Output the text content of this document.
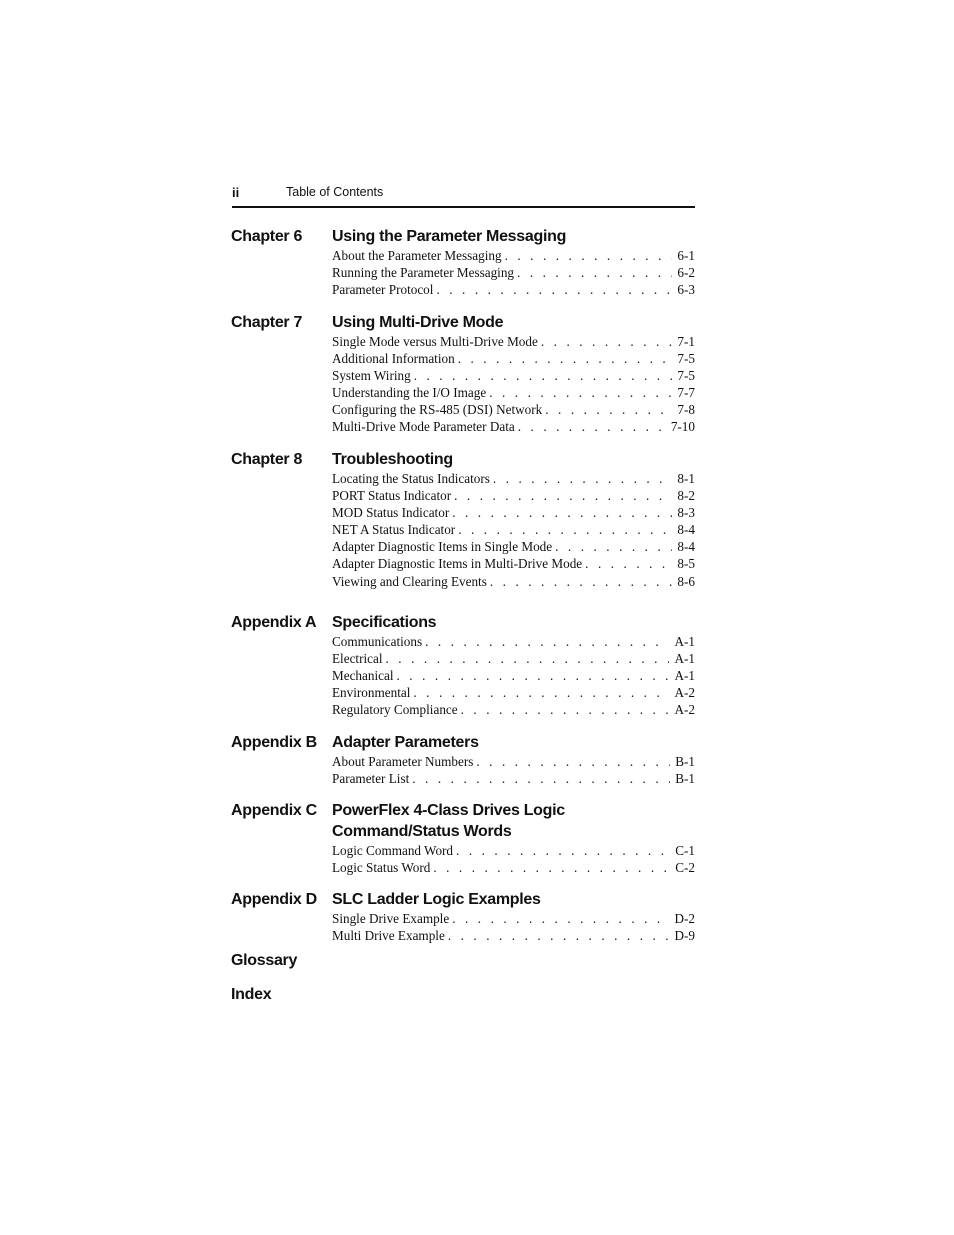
ii	Table of Contents
Chapter 6 Using the Parameter Messaging
About the Parameter Messaging . . .	6-1
Running the Parameter Messaging . . .	6-2
Parameter Protocol . . .	6-3
Chapter 7 Using Multi-Drive Mode
Single Mode versus Multi-Drive Mode . . .	7-1
Additional Information . . .	7-5
System Wiring . . .	7-5
Understanding the I/O Image . . .	7-7
Configuring the RS-485 (DSI) Network . . .	7-8
Multi-Drive Mode Parameter Data . . .	7-10
Chapter 8 Troubleshooting
Locating the Status Indicators . . .	8-1
PORT Status Indicator . . .	8-2
MOD Status Indicator . . .	8-3
NET A Status Indicator . . .	8-4
Adapter Diagnostic Items in Single Mode . . .	8-4
Adapter Diagnostic Items in Multi-Drive Mode . . .	8-5
Viewing and Clearing Events . . .	8-6
Appendix A Specifications
Communications . . .	A-1
Electrical . . .	A-1
Mechanical . . .	A-1
Environmental . . .	A-2
Regulatory Compliance . . .	A-2
Appendix B Adapter Parameters
About Parameter Numbers . . .	B-1
Parameter List . . .	B-1
Appendix C PowerFlex 4-Class Drives Logic Command/Status Words
Logic Command Word . . .	C-1
Logic Status Word . . .	C-2
Appendix D SLC Ladder Logic Examples
Single Drive Example . . .	D-2
Multi Drive Example . . .	D-9
Glossary
Index
